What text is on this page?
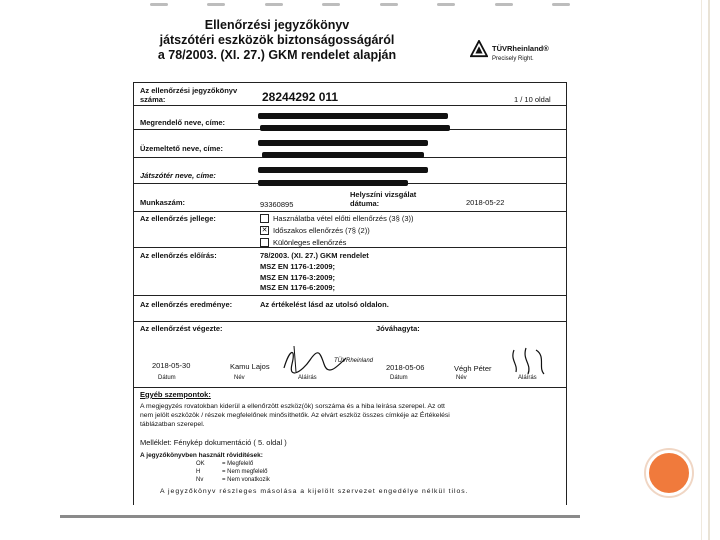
Ellenőrzési jegyzőkönyv
játszótéri eszközök biztonságosságáról
a 78/2003. (XI. 27.) GKM rendelet alapján	TÜVRheinland®
Precisely Right.
Az ellenőrzési jegyzőkönyv száma:	28244292 011	1 / 10 oldal
Megrendelő neve, címe:
Üzemeltető neve, címe:
Játszótér neve, címe:
Munkaszám:	93360895
Helyszíni vizsgálat dátuma:	2018-05-22
Az ellenőrzés jellege:	Használatba vétel előtti ellenőrzés (3§ (3))
✕ Időszakos ellenőrzés (7§ (2))
Különleges ellenőrzés
Az ellenőrzés előírás:	78/2003. (XI. 27.) GKM rendelet
MSZ EN 1176-1:2009;
MSZ EN 1176-3:2009;
MSZ EN 1176-6:2009;
Az ellenőrzés eredménye:	Az értékelést lásd az utolsó oldalon.
Az ellenőrzést végezte:	Jóváhagyta:
2018-05-30	Kamu Lajos
TÜVRheinland
2018-05-06	Végh Péter
Dátum	Név	Aláírás	Dátum	Név	Aláírás
Egyéb szempontok:
A megjegyzés rovatokban kiderül a ellenőrzött eszköz(ök) sorszáma és a hiba leírása szerepel. Az ott
nem jelölt eszközök / részek megfelelőnek minősíthetők. Az elvárt eszköz összes címkéje az Értékelési
táblázatban szerepel.
Melléklet: Fénykép dokumentáció ( 5. oldal )
A jegyzőkönyvben használt rövidítések:
OK	= Megfelelő
H	= Nem megfelelő
Nv	= Nem vonatkozik
A jegyzőkönyv részleges másolása a kijelölt szervezet engedélye nélkül tilos.
